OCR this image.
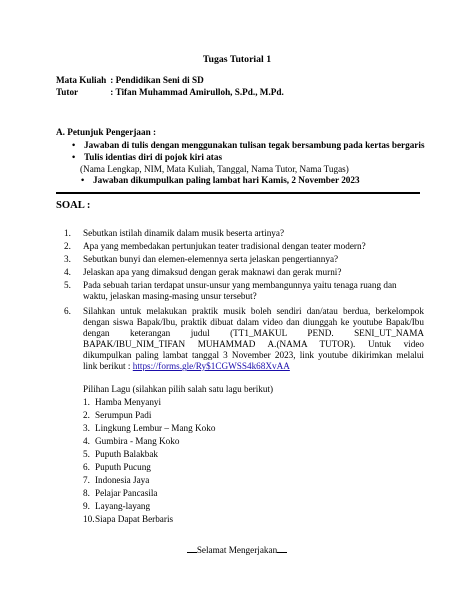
Tugas Tutorial 1
Mata Kuliah : Pendidikan Seni di SD
Tutor	: Tifan Muhammad Amirulloh, S.Pd., M.Pd.
A. Petunjuk Pengerjaan :
• Jawaban di tulis dengan menggunakan tulisan tegak bersambung pada kertas bergaris
• Tulis identias diri di pojok kiri atas
(Nama Lengkap, NIM, Mata Kuliah, Tanggal, Nama Tutor, Nama Tugas)
• Jawaban dikumpulkan paling lambat hari Kamis, 2 November 2023
SOAL :
1. Sebutkan istilah dinamik dalam musik beserta artinya?
2. Apa yang membedakan pertunjukan teater tradisional dengan teater modern?
3. Sebutkan bunyi dan elemen-elemennya serta jelaskan pengertiannya?
4. Jelaskan apa yang dimaksud dengan gerak maknawi dan gerak murni?
5. Pada sebuah tarian terdapat unsur-unsur yang membangunnya yaitu tenaga ruang dan
waktu, jelaskan masing-masing unsur tersebut?
6. Silahkan untuk melakukan praktik musik boleh sendiri dan/atau berdua, berkelompok
dengan siswa Bapak/Ibu, praktik dibuat dalam video dan diunggah ke youtube Bapak/Ibu
dengan keterangan judul (TT1_MAKUL PEND. SENI_UT_NAMA
BAPAK/IBU_NIM_TIFAN MUHAMMAD A.(NAMA TUTOR). Untuk video
dikumpulkan paling lambat tanggal 3 November 2023, link youtube dikirimkan melalui
link berikut : https://forms.gle/Ry$1CGWSS4k68XvAA
Pilihan Lagu (silahkan pilih salah satu lagu berikut)
1. Hamba Menyanyi
2. Serumpun Padi
3. Lingkung Lembur – Mang Koko
4. Gumbira - Mang Koko
5. Puputh Balakbak
6. Puputh Pucung
7. Indonesia Jaya
8. Pelajar Pancasila
9. Layang-layang
10.Siapa Dapat Berbaris
Selamat Mengerjakan
